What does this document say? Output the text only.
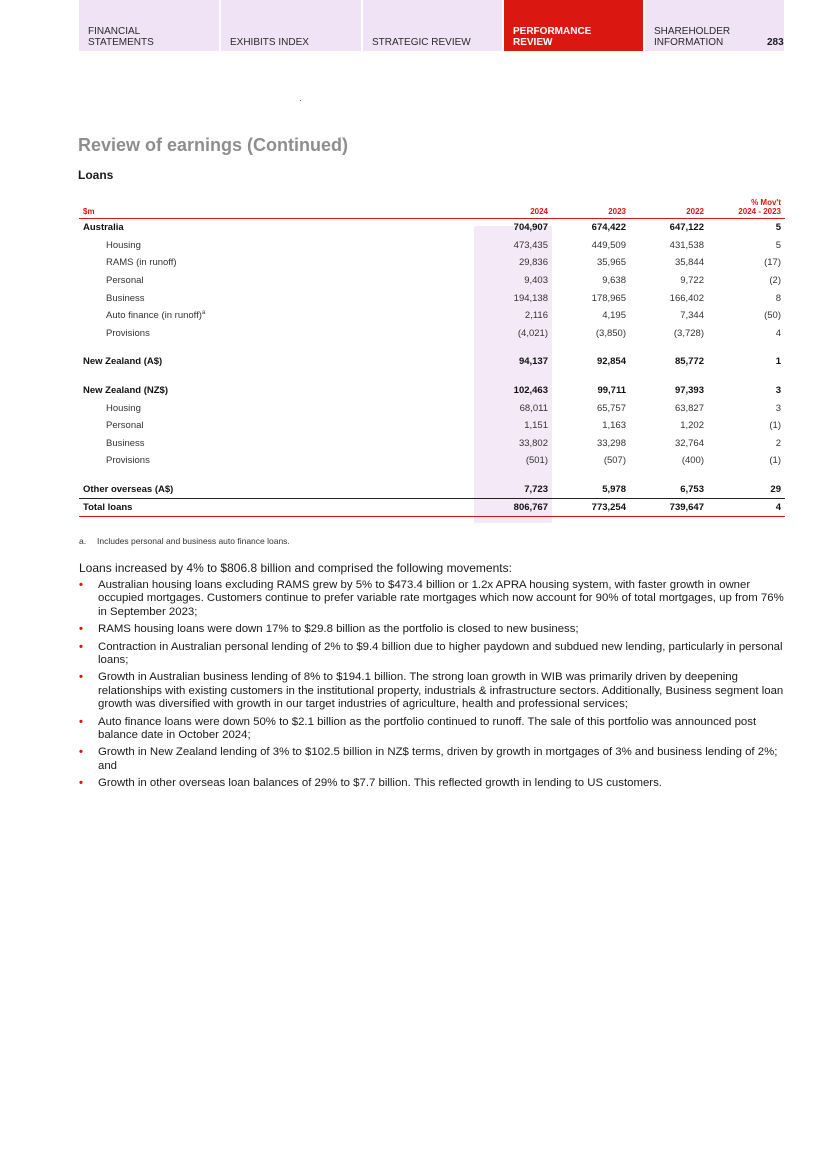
FINANCIAL
STATEMENTS	EXHIBITS INDEX	STRATEGIC REVIEW
PERFORMANCE
REVIEW
SHAREHOLDER
INFORMATION	283
Review of earnings (Continued)
Loans
$m	2024	2023	2022	% Mov't
2024 - 2023
Australia	704,907	674,422	647,122	5
Housing	473,435	449,509	431,538	5
RAMS (in runoff)	29,836	35,965	35,844	(17)
Personal	9,403	9,638	9,722	(2)
Business	194,138	178,965	166,402	8
Auto finance (in runoff)$^a$	2,116	4,195	7,344	(50)
Provisions	(4,021)	(3,850)	(3,728)	4

New Zealand (A$)	94,137	92,854	85,772	1

New Zealand (NZ$)	102,463	99,711	97,393	3
Housing	68,011	65,757	63,827	3
Personal	1,151	1,163	1,202	(1)
Business	33,802	33,298	32,764	2
Provisions	(501)	(507)	(400)	(1)

Other overseas (A$)	7,723	5,978	6,753	29
Total loans	806,767	773,254	739,647	4

a. Includes personal and business auto finance loans.

Loans increased by 4% to $806.8 billion and comprised the following movements:

• Australian housing loans excluding RAMS grew by 5% to $473.4 billion or 1.2x APRA housing system, with faster growth in owner occupied mortgages. Customers continue to prefer variable rate mortgages which now account for 90% of total mortgages, up from 76% in September 2023;
• RAMS housing loans were down 17% to $29.8 billion as the portfolio is closed to new business;
• Contraction in Australian personal lending of 2% to $9.4 billion due to higher paydown and subdued new lending, particularly in personal loans;
• Growth in Australian business lending of 8% to $194.1 billion. The strong loan growth in WIB was primarily driven by deepening relationships with existing customers in the institutional property, industrials & infrastructure sectors. Additionally, Business segment loan growth was diversified with growth in our target industries of agriculture, health and professional services;
• Auto finance loans were down 50% to $2.1 billion as the portfolio continued to runoff. The sale of this portfolio was announced post balance date in October 2024;
• Growth in New Zealand lending of 3% to $102.5 billion in NZ$ terms, driven by growth in mortgages of 3% and business lending of 2%; and
• Growth in other overseas loan balances of 29% to $7.7 billion. This reflected growth in lending to US customers.
